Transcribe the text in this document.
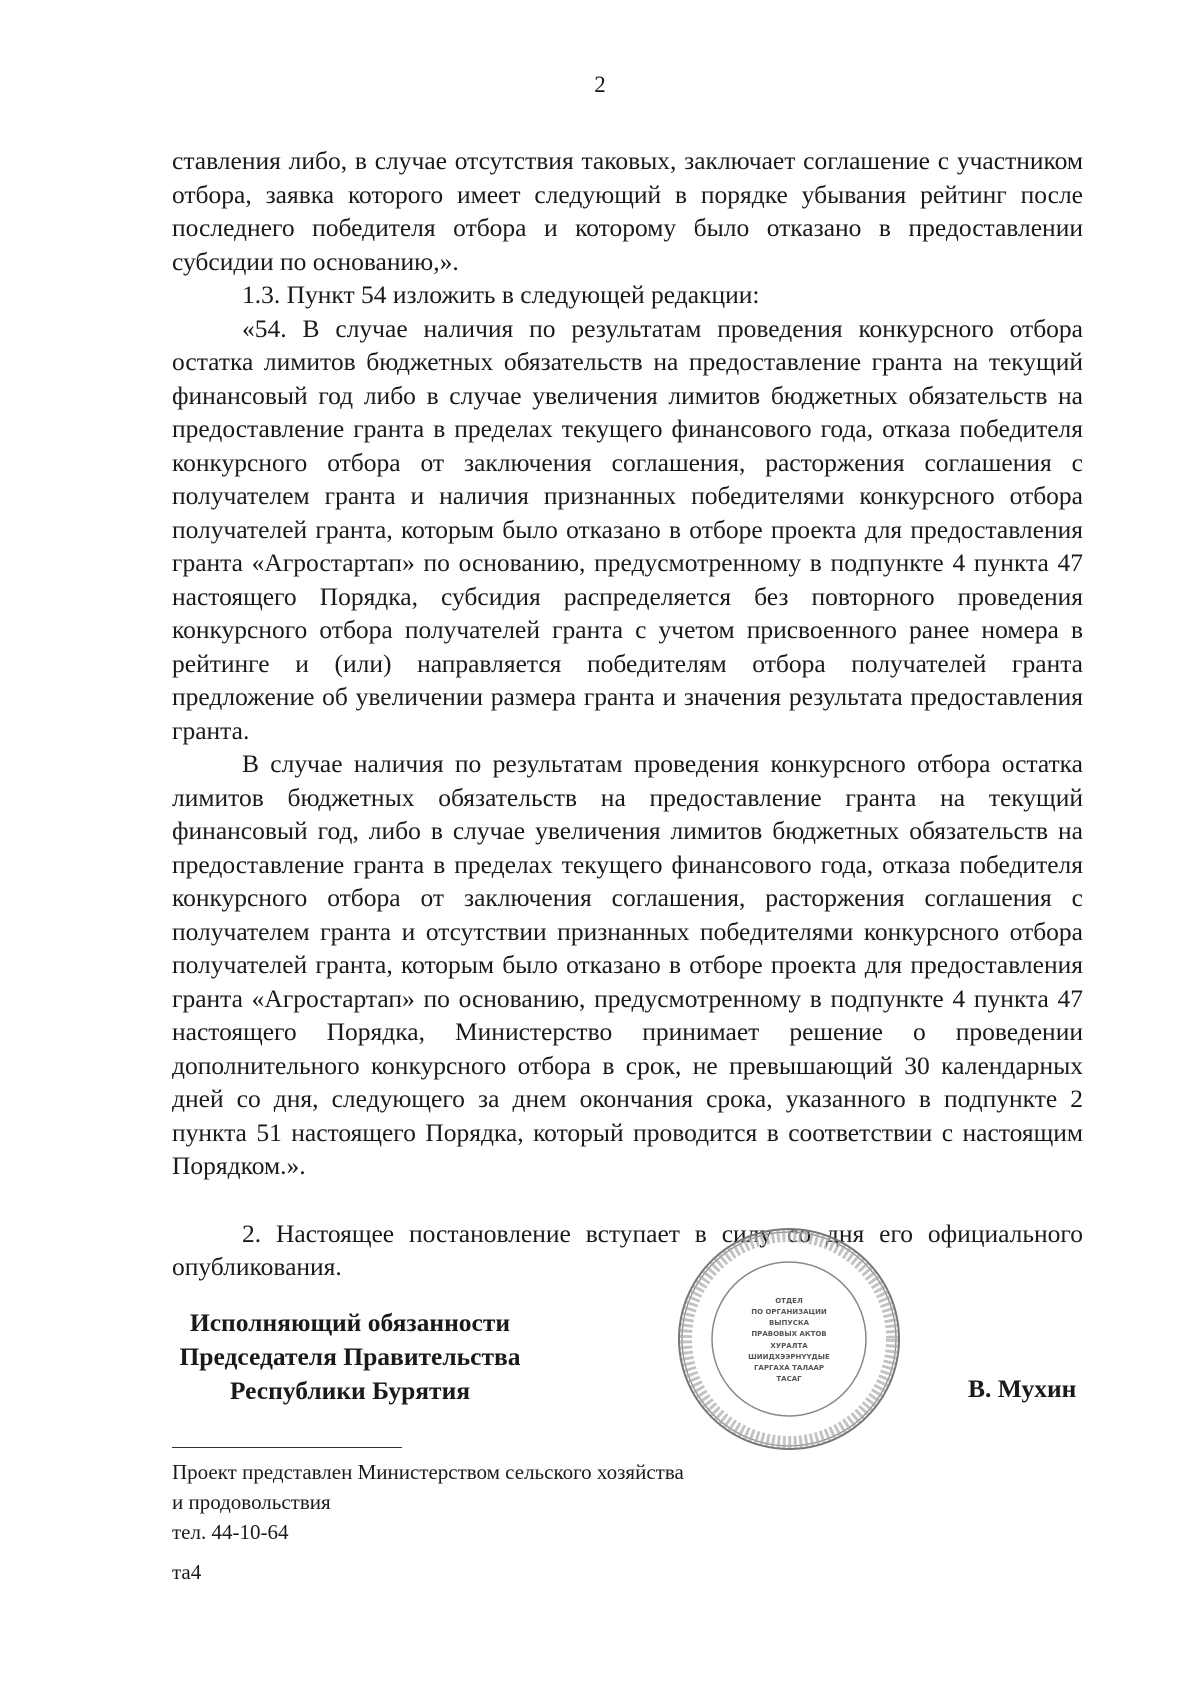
2

ставления либо, в случае отсутствия таковых, заключает соглашение с участником отбора, заявка которого имеет следующий в порядке убывания рейтинг после последнего победителя отбора и которому было отказано в предоставлении субсидии по основанию,».

1.3. Пункт 54 изложить в следующей редакции:

«54. В случае наличия по результатам проведения конкурсного отбора остатка лимитов бюджетных обязательств на предоставление гранта на текущий финансовый год либо в случае увеличения лимитов бюджетных обязательств на предоставление гранта в пределах текущего финансового года, отказа победителя конкурсного отбора от заключения соглашения, расторжения соглашения с получателем гранта и наличия признанных победителями конкурсного отбора получателей гранта, которым было отказано в отборе проекта для предоставления гранта «Агростартап» по основанию, предусмотренному в подпункте 4 пункта 47 настоящего Порядка, субсидия распределяется без повторного проведения конкурсного отбора получателей гранта с учетом присвоенного ранее номера в рейтинге и (или) направляется победителям отбора получателей гранта предложение об увеличении размера гранта и значения результата предоставления гранта.

В случае наличия по результатам проведения конкурсного отбора остатка лимитов бюджетных обязательств на предоставление гранта на текущий финансовый год, либо в случае увеличения лимитов бюджетных обязательств на предоставление гранта в пределах текущего финансового года, отказа победителя конкурсного отбора от заключения соглашения, расторжения соглашения с получателем гранта и отсутствии признанных победителями конкурсного отбора получателей гранта, которым было отказано в отборе проекта для предоставления гранта «Агростартап» по основанию, предусмотренному в подпункте 4 пункта 47 настоящего Порядка, Министерство принимает решение о проведении дополнительного конкурсного отбора в срок, не превышающий 30 календарных дней со дня, следующего за днем окончания срока, указанного в подпункте 2 пункта 51 настоящего Порядка, который проводится в соответствии с настоящим Порядком.».

2. Настоящее постановление вступает в силу со дня его официального опубликования.

Исполняющий обязанности
Председателя Правительства
Республики Бурятия
ОТДЕЛ
ПО ОРГАНИЗАЦИИ
ВЫПУСКА
ПРАВОВЫХ АКТОВ
ХУРАЛТА
ШИИДХЭЭРНҮҮДЫЕ
ГАРГАХА ТАЛААР
ТАСАГ	В. Мухин
Проект представлен Министерством сельского хозяйства
и продовольствия
тел. 44-10-64
та4
